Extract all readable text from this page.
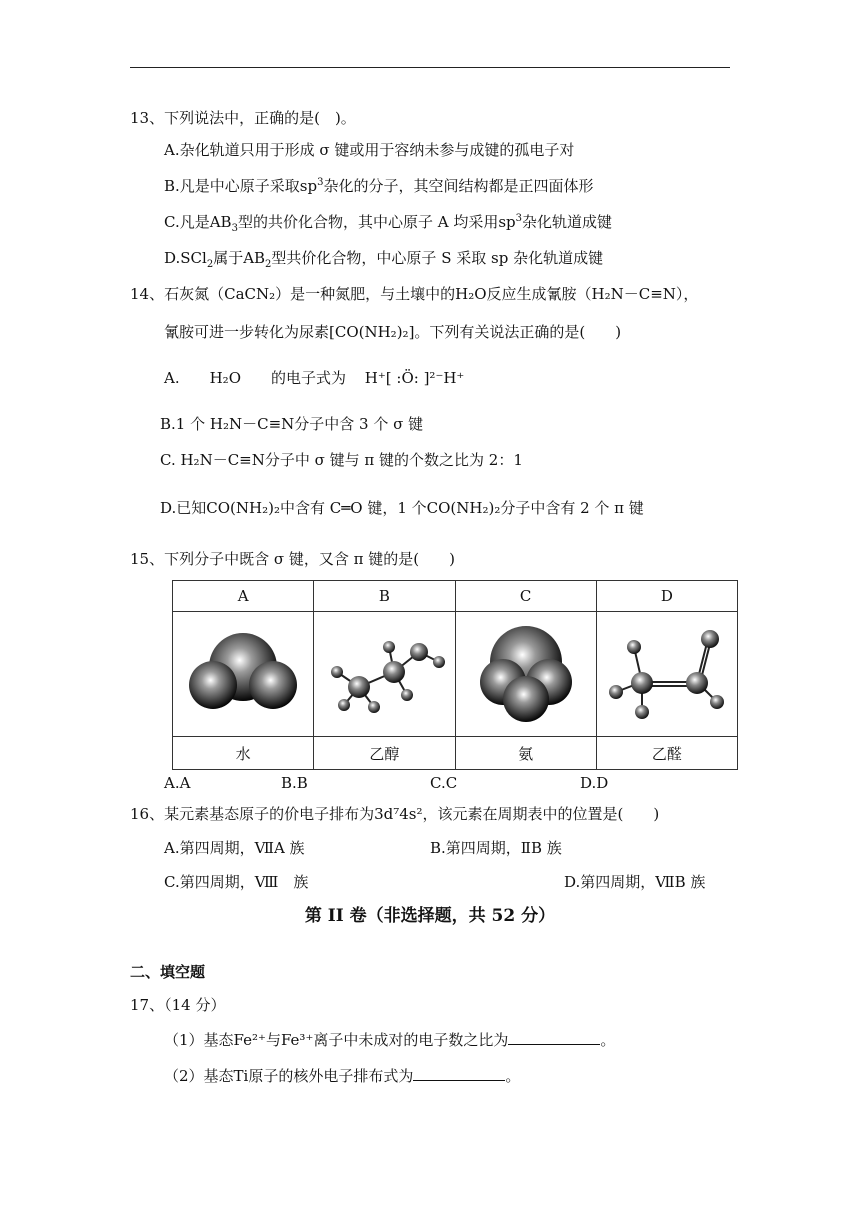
13、下列说法中，正确的是( )。
A.杂化轨道只用于形成 σ 键或用于容纳未参与成键的孤电子对
B.凡是中心原子采取$sp^3$杂化的分子，其空间结构都是正四面体形
C.凡是$AB_3$型的共价化合物，其中心原子 A 均采用$sp^3$杂化轨道成键
D.SCl$_2$属于$AB_2$型共价化合物，中心原子 S 采取 sp 杂化轨道成键
14、石灰氮（CaCN₂）是一种氮肥，与土壤中的H₂O反应生成氰胺（H₂N－C≡N），
氰胺可进一步转化为尿素[CO(NH₂)₂]。下列有关说法正确的是(  )
A.  H₂O  的电子式为 H⁺[ :Ö: ]²⁻H⁺
B.1 个 H₂N－C≡N分子中含 3 个 σ 键
C. H₂N－C≡N分子中 σ 键与 π 键的个数之比为 2：1
D.已知CO(NH₂)₂中含有 C═O 键，1 个CO(NH₂)₂分子中含有 2 个 π 键
15、下列分子中既含 σ 键，又含 π 键的是(  )
A	B	C	D

水	乙醇	氨	乙醛
A.A	B.B	C.C	D.D
16、某元素基态原子的价电子排布为3d⁷4s²，该元素在周期表中的位置是(  )
A.第四周期，ⅦA 族	B.第四周期，ⅡB 族
C.第四周期，Ⅷ 族	D.第四周期，ⅦB 族
第 II 卷（非选择题，共 52 分）
二、填空题
17、（14 分）
（1）基态Fe²⁺与Fe³⁺离子中未成对的电子数之比为	。
（2）基态Ti原子的核外电子排布式为	。
